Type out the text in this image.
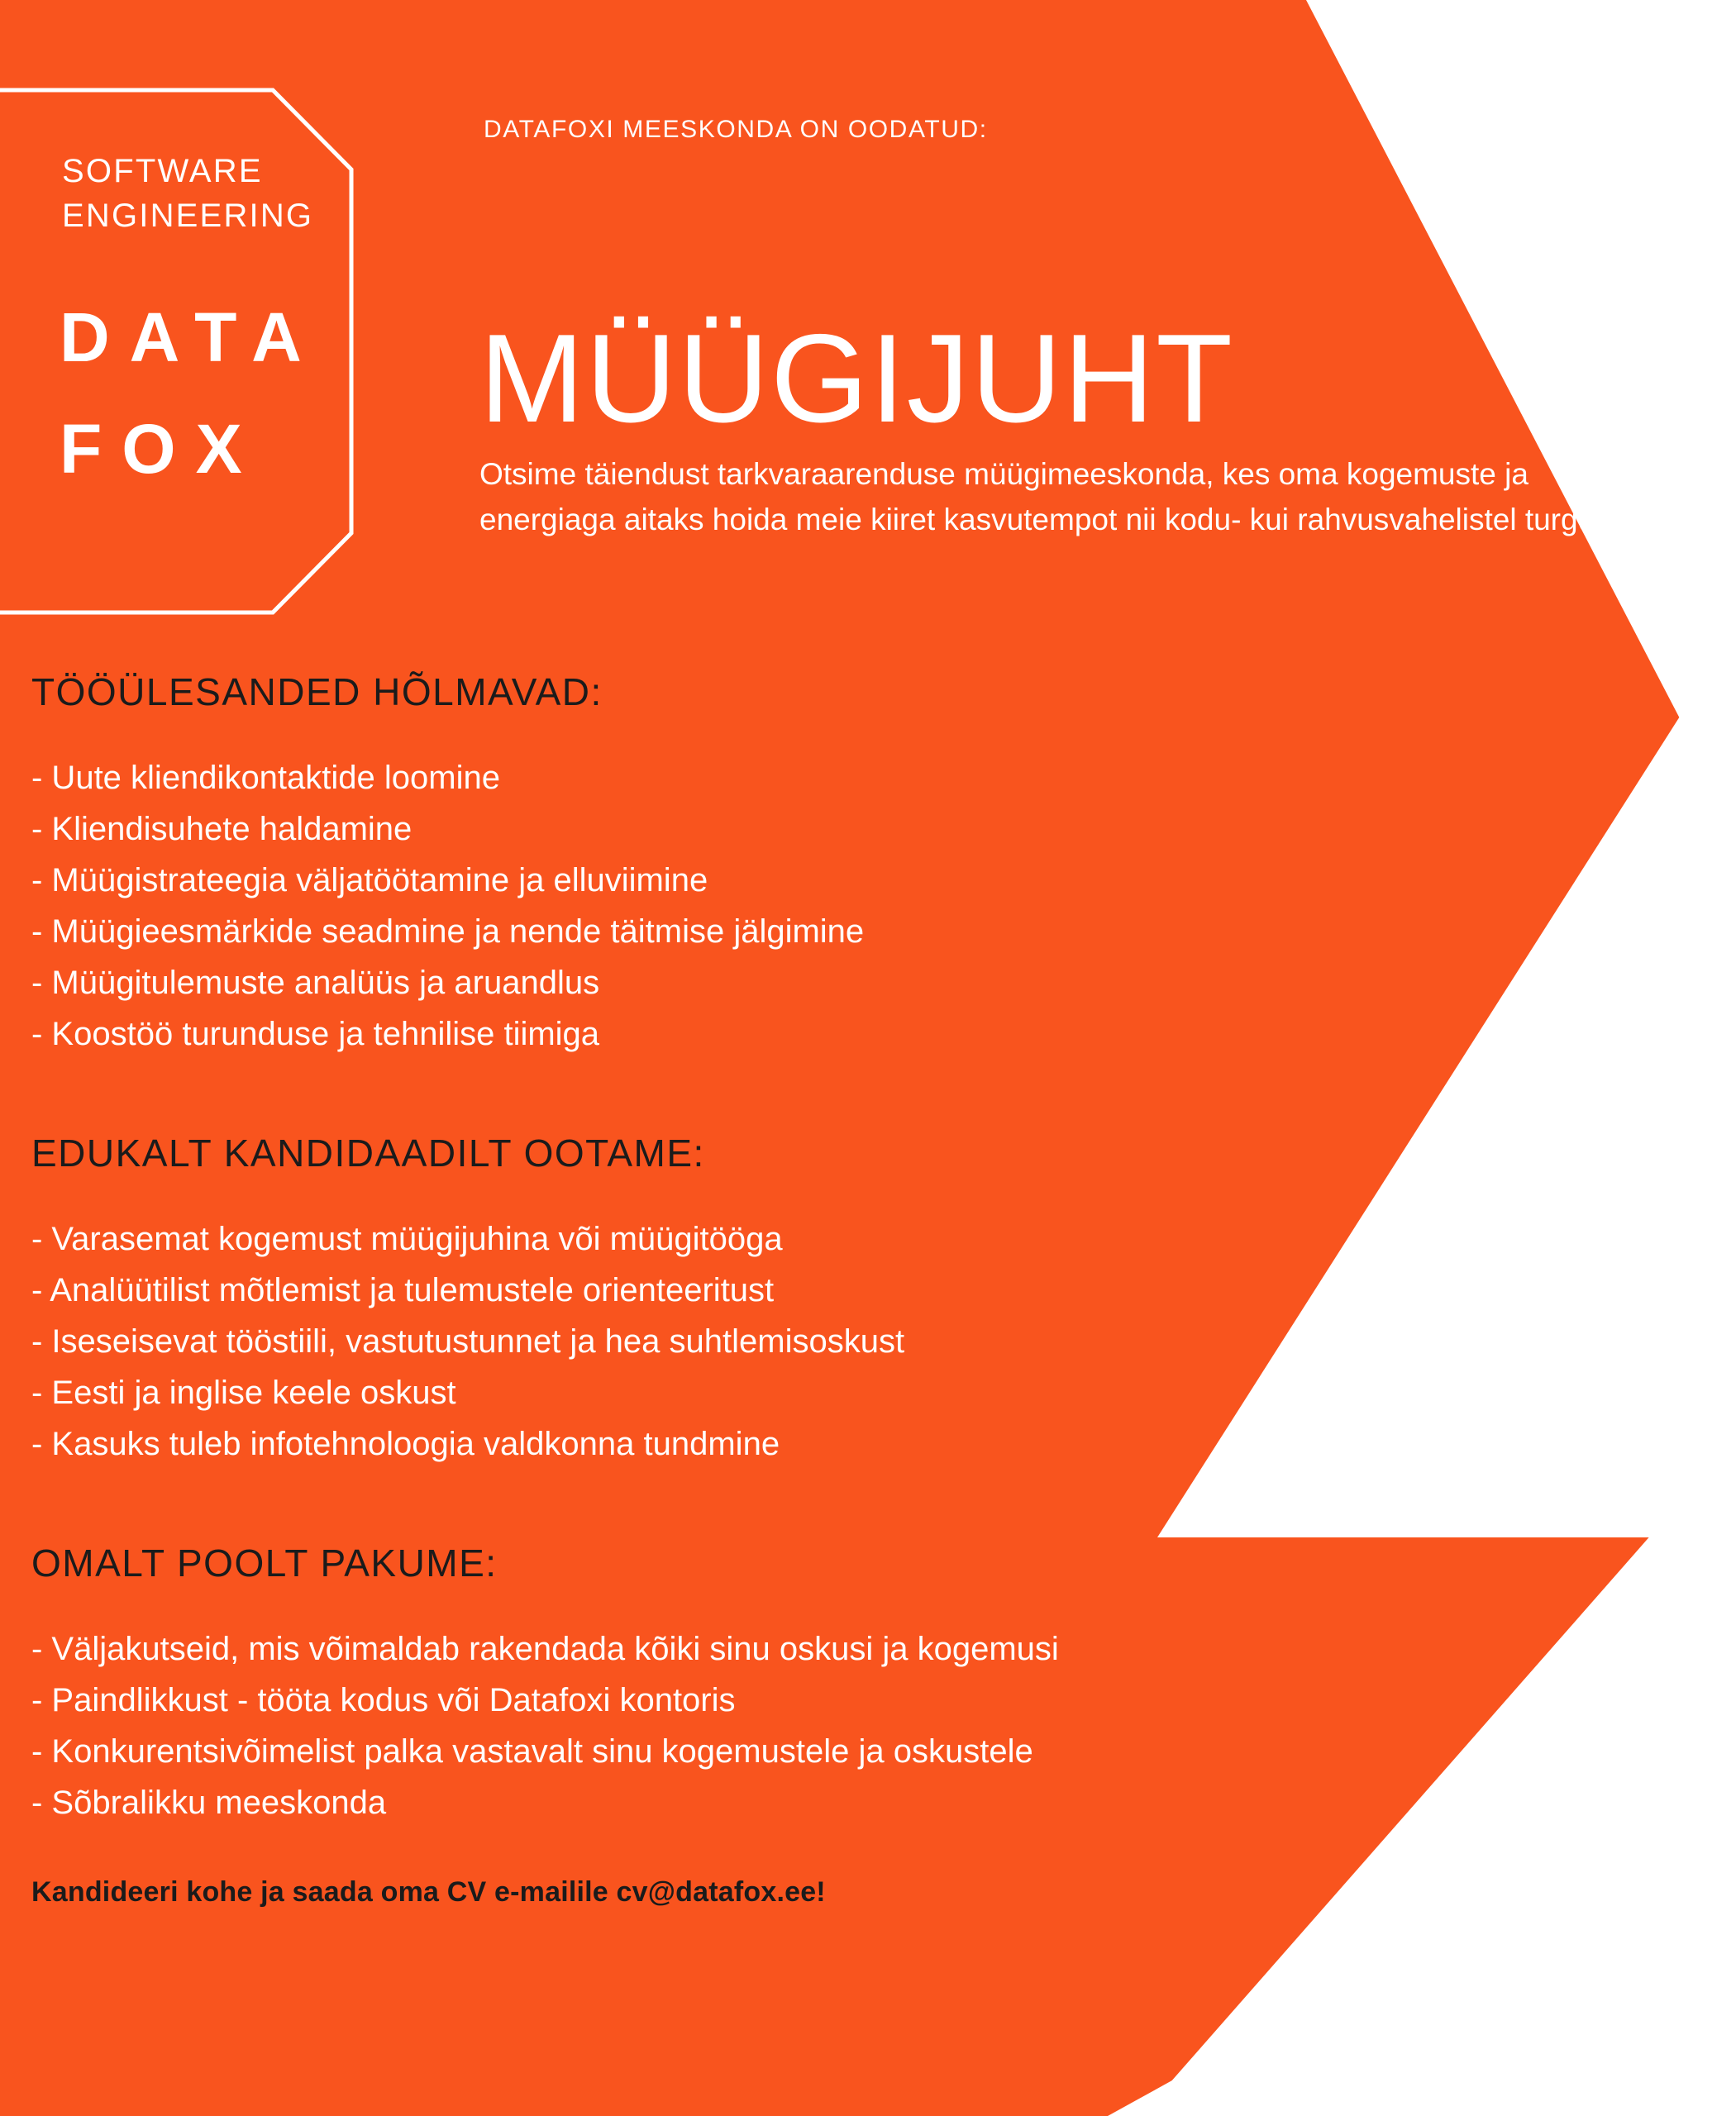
SOFTWARE
ENGINEERING
DATA
FOX
DATAFOXI MEESKONDA ON OODATUD:
MÜÜGIJUHT

Otsime täiendust tarkvaraarenduse müügimeeskonda, kes oma kogemuste ja energiaga aitaks hoida meie kiiret kasvutempot nii kodu- kui rahvusvahelistel turgudel.

TÖÖÜLESANDED HÕLMAVAD:
- Uute kliendikontaktide loomine
- Kliendisuhete haldamine
- Müügistrateegia väljatöötamine ja elluviimine
- Müügieesmärkide seadmine ja nende täitmise jälgimine
- Müügitulemuste analüüs ja aruandlus
- Koostöö turunduse ja tehnilise tiimiga
EDUKALT KANDIDAADILT OOTAME:
- Varasemat kogemust müügijuhina või müügitööga
- Analüütilist mõtlemist ja tulemustele orienteeritust
- Iseseisevat tööstiili, vastutustunnet ja hea suhtlemisoskust
- Eesti ja inglise keele oskust
- Kasuks tuleb infotehnoloogia valdkonna tundmine
OMALT POOLT PAKUME:
- Väljakutseid, mis võimaldab rakendada kõiki sinu oskusi ja kogemusi
- Paindlikkust - tööta kodus või Datafoxi kontoris
- Konkurentsivõimelist palka vastavalt sinu kogemustele ja oskustele
- Sõbralikku meeskonda
Kandideeri kohe ja saada oma CV e-mailile cv@datafox.ee!
